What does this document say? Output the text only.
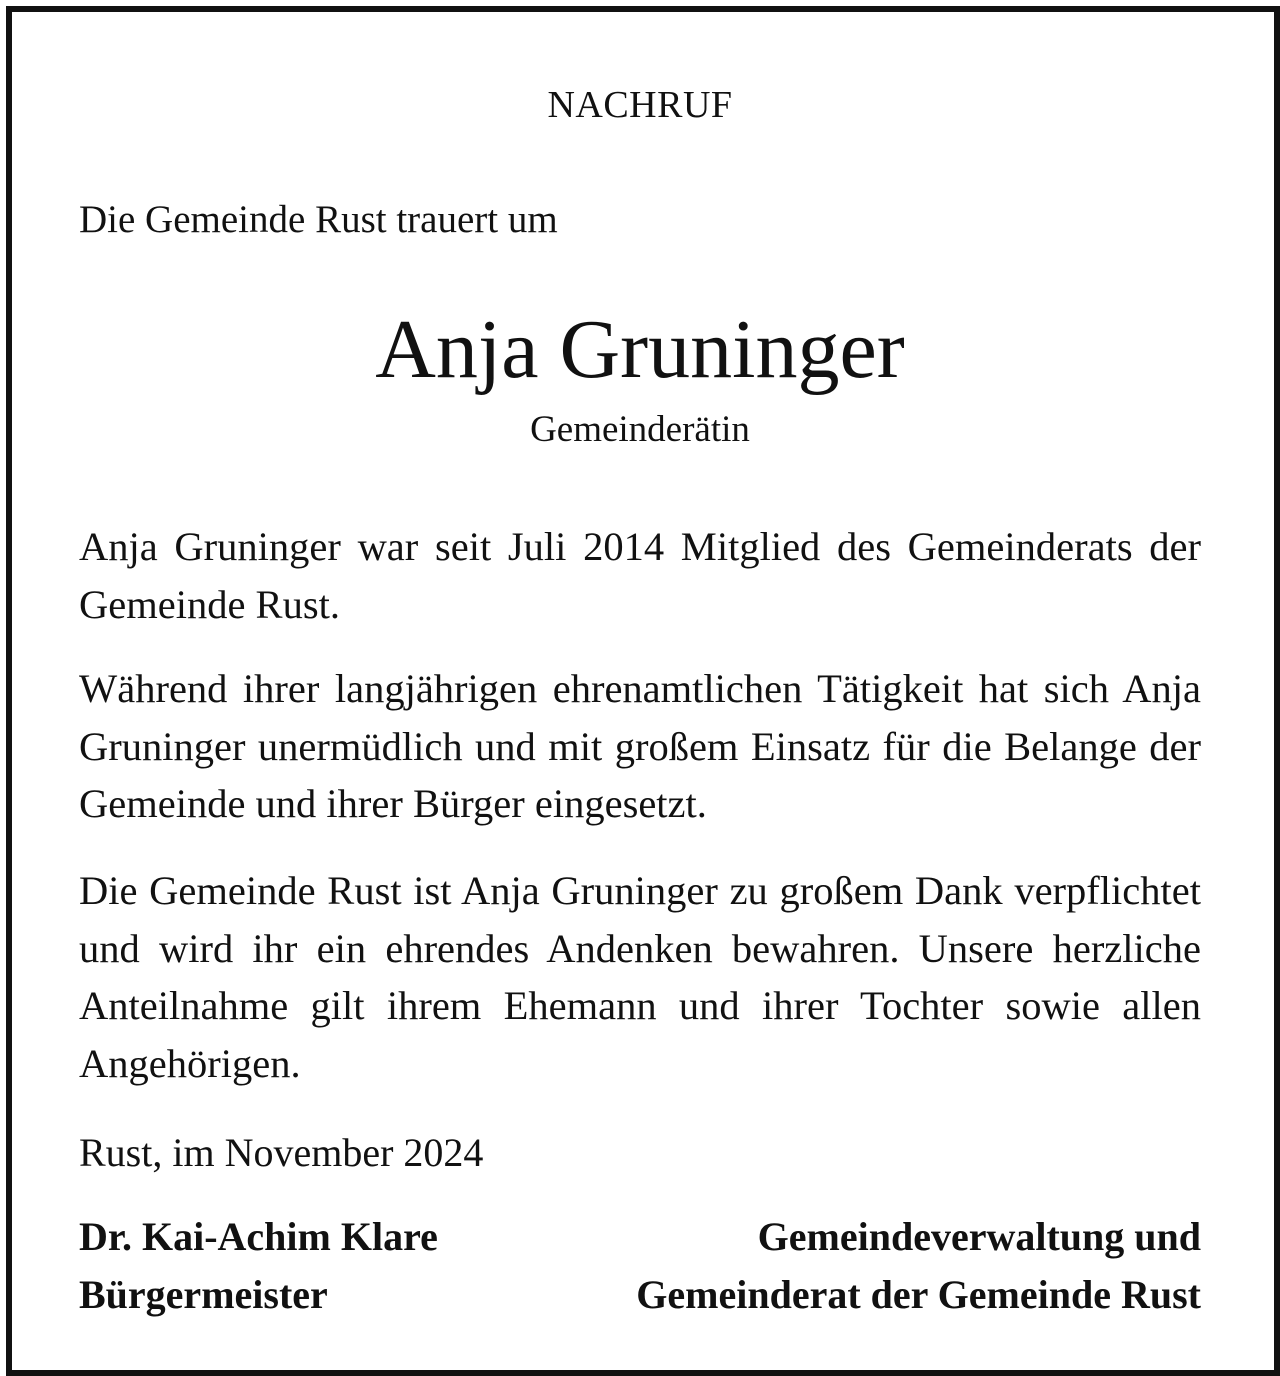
NACHRUF
Die Gemeinde Rust trauert um
Anja Gruninger
Gemeinderätin

Anja Gruninger war seit Juli 2014 Mitglied des Gemeinderats der Gemeinde Rust.

Während ihrer langjährigen ehrenamtlichen Tätigkeit hat sich Anja Gruninger unermüdlich und mit großem Einsatz für die Belange der Gemeinde und ihrer Bürger eingesetzt.

Die Gemeinde Rust ist Anja Gruninger zu großem Dank verpflichtet und wird ihr ein ehrendes Andenken bewahren. Unsere herzliche Anteilnahme gilt ihrem Ehemann und ihrer Tochter sowie allen Angehörigen.

Rust, im November 2024
Dr. Kai-Achim Klare
Bürgermeister
Gemeindeverwaltung und
Gemeinderat der Gemeinde Rust
